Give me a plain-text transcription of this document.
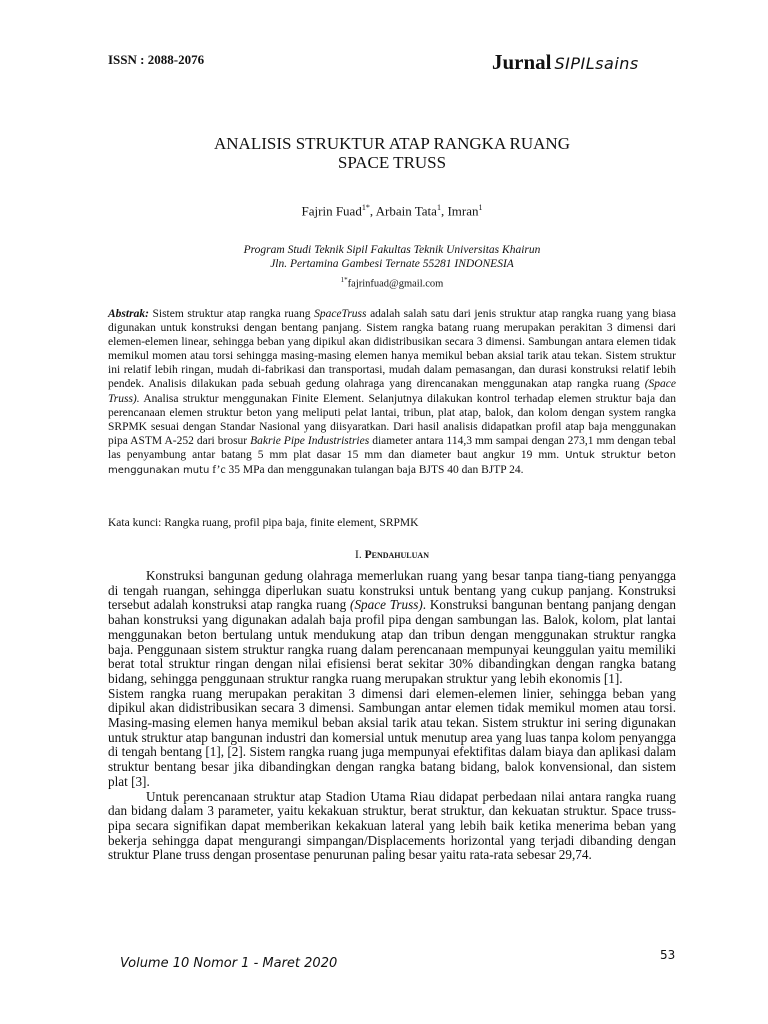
ISSN : 2088-2076	Jurnal SIPILsains
ANALISIS STRUKTUR ATAP RANGKA RUANG
SPACE TRUSS
Fajrin Fuad$^{1*}$, Arbain Tata$^1$, Imran$^1$
Program Studi Teknik Sipil Fakultas Teknik Universitas Khairun
Jln. Pertamina Gambesi Ternate 55281 INDONESIA
$^{1*}$fajrinfuad@gmail.com
Abstrak: Sistem struktur atap rangka ruang SpaceTruss adalah salah satu dari jenis struktur atap rangka ruang yang biasa digunakan untuk konstruksi dengan bentang panjang. Sistem rangka batang ruang merupakan perakitan 3 dimensi dari elemen-elemen linear, sehingga beban yang dipikul akan didistribusikan secara 3 dimensi. Sambungan antara elemen tidak memikul momen atau torsi sehingga masing-masing elemen hanya memikul beban aksial tarik atau tekan. Sistem struktur ini relatif lebih ringan, mudah di-fabrikasi dan transportasi, mudah dalam pemasangan, dan durasi konstruksi relatif lebih pendek. Analisis dilakukan pada sebuah gedung olahraga yang direncanakan menggunakan atap rangka ruang (Space Truss). Analisa struktur menggunakan Finite Element. Selanjutnya dilakukan kontrol terhadap elemen struktur baja dan perencanaan elemen struktur beton yang meliputi pelat lantai, tribun, plat atap, balok, dan kolom dengan system rangka SRPMK sesuai dengan Standar Nasional yang diisyaratkan. Dari hasil analisis didapatkan profil atap baja menggunakan pipa ASTM A-252 dari brosur Bakrie Pipe Industristries diameter antara 114,3 mm sampai dengan 273,1 mm dengan tebal las penyambung antar batang 5 mm plat dasar 15 mm dan diameter baut angkur 19 mm. Untuk struktur beton menggunakan mutu f’c 35 MPa dan menggunakan tulangan baja BJTS 40 dan BJTP 24.
Kata kunci: Rangka ruang, profil pipa baja, finite element, SRPMK
I. Pendahuluan

Konstruksi bangunan gedung olahraga memerlukan ruang yang besar tanpa tiang-tiang penyangga di tengah ruangan, sehingga diperlukan suatu konstruksi untuk bentang yang cukup panjang. Konstruksi tersebut adalah konstruksi atap rangka ruang (Space Truss). Konstruksi bangunan bentang panjang dengan bahan konstruksi yang digunakan adalah baja profil pipa dengan sambungan las. Balok, kolom, plat lantai menggunakan beton bertulang untuk mendukung atap dan tribun dengan menggunakan struktur rangka baja. Penggunaan sistem struktur rangka ruang dalam perencanaan mempunyai keunggulan yaitu memiliki berat total struktur ringan dengan nilai efisiensi berat sekitar 30% dibandingkan dengan rangka batang bidang, sehingga penggunaan struktur rangka ruang merupakan struktur yang lebih ekonomis [1].

Sistem rangka ruang merupakan perakitan 3 dimensi dari elemen-elemen linier, sehingga beban yang dipikul akan didistribusikan secara 3 dimensi. Sambungan antar elemen tidak memikul momen atau torsi. Masing-masing elemen hanya memikul beban aksial tarik atau tekan. Sistem struktur ini sering digunakan untuk struktur atap bangunan industri dan komersial untuk menutup area yang luas tanpa kolom penyangga di tengah bentang [1], [2]. Sistem rangka ruang juga mempunyai efektifitas dalam biaya dan aplikasi dalam struktur bentang besar jika dibandingkan dengan rangka batang bidang, balok konvensional, dan sistem plat [3].

Untuk perencanaan struktur atap Stadion Utama Riau didapat perbedaan nilai antara rangka ruang dan bidang dalam 3 parameter, yaitu kekakuan struktur, berat struktur, dan kekuatan struktur. Space truss-pipa secara signifikan dapat memberikan kekakuan lateral yang lebih baik ketika menerima beban yang bekerja sehingga dapat mengurangi simpangan/Displacements horizontal yang terjadi dibanding dengan struktur Plane truss dengan prosentase penurunan paling besar yaitu rata-rata sebesar 29,74.

53
Volume 10 Nomor 1 - Maret 2020
